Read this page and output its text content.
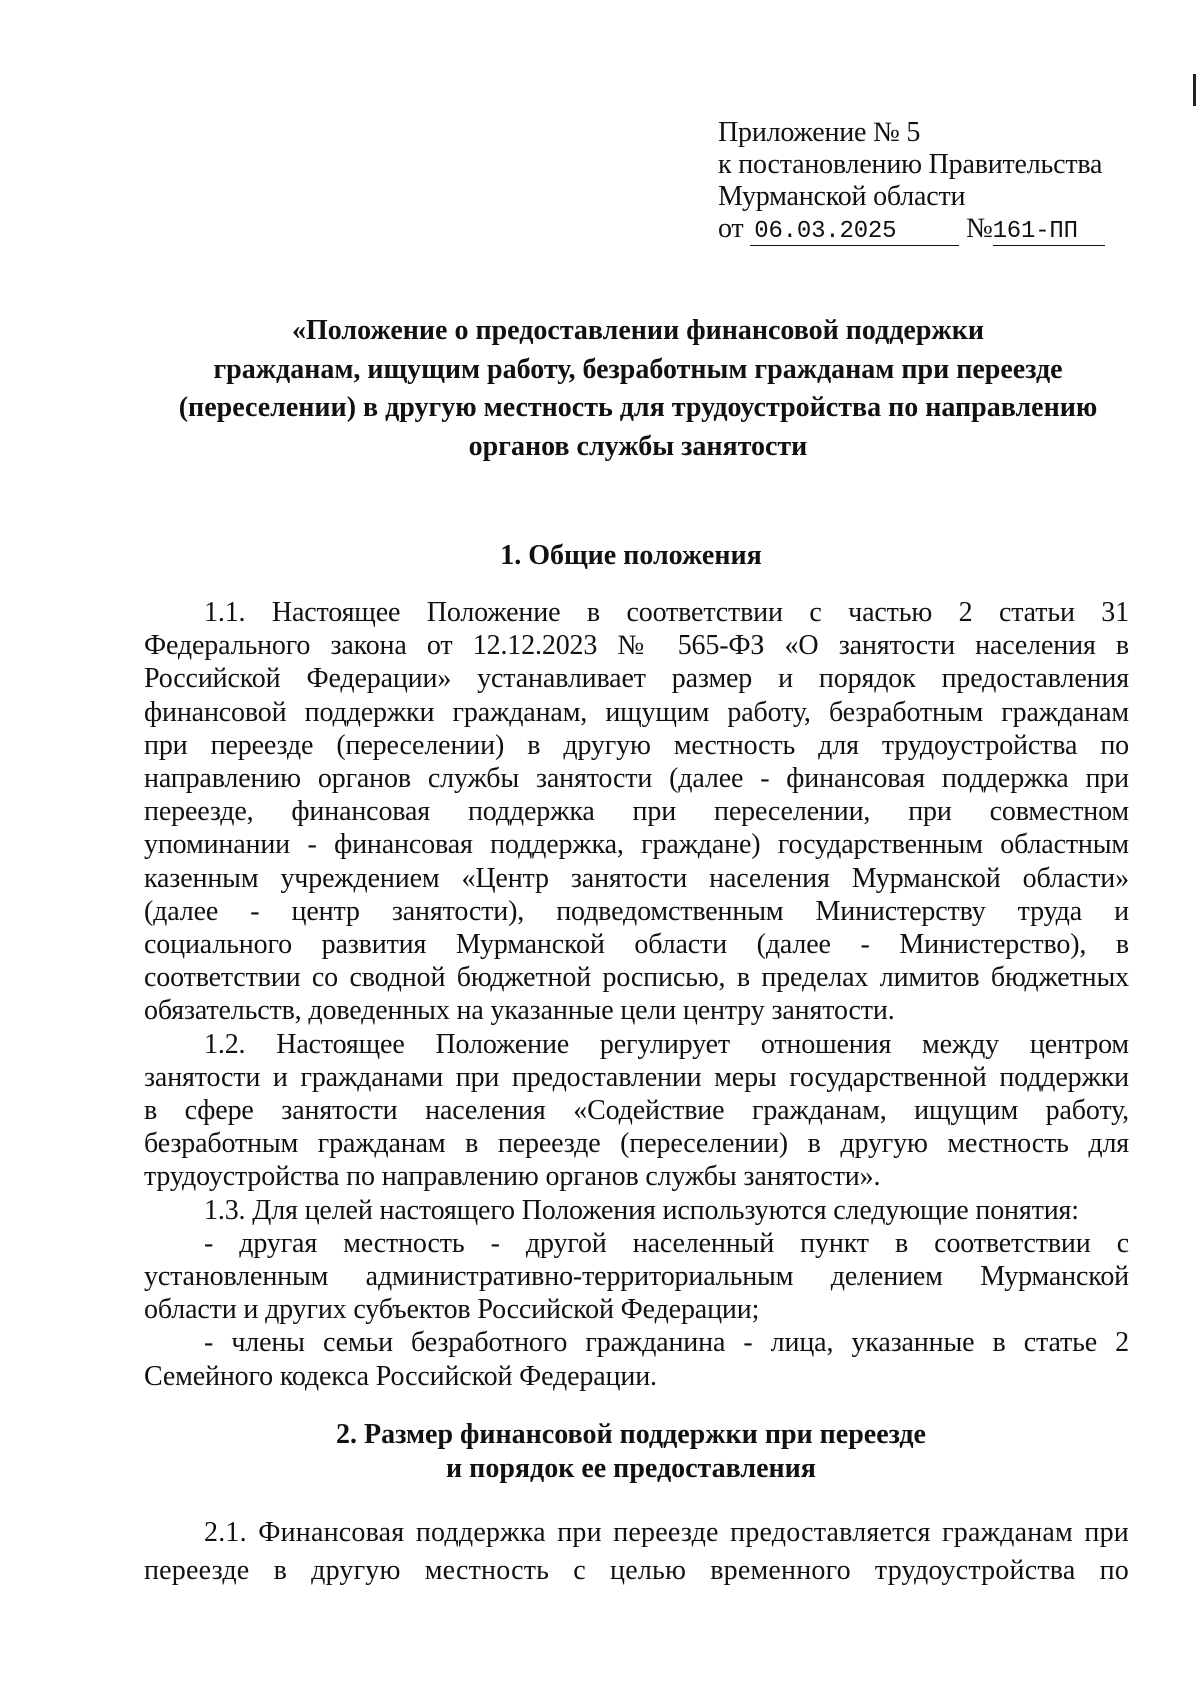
Приложение № 5
к постановлению Правительства
Мурманской области
от 06.03.2025 №161-ПП
«Положение о предоставлении финансовой поддержки
гражданам, ищущим работу, безработным гражданам при переезде
(переселении) в другую местность для трудоустройства по направлению
органов службы занятости
1. Общие положения
1.1. Настоящее Положение в соответствии с частью 2 статьи 31
Федерального закона от 12.12.2023 № 565-ФЗ «О занятости населения в
Российской Федерации» устанавливает размер и порядок предоставления
финансовой поддержки гражданам, ищущим работу, безработным гражданам
при переезде (переселении) в другую местность для трудоустройства по
направлению органов службы занятости (далее - финансовая поддержка при
переезде, финансовая поддержка при переселении, при совместном
упоминании - финансовая поддержка, граждане) государственным областным
казенным учреждением «Центр занятости населения Мурманской области»
(далее - центр занятости), подведомственным Министерству труда и
социального развития Мурманской области (далее - Министерство), в
соответствии со сводной бюджетной росписью, в пределах лимитов бюджетных
обязательств, доведенных на указанные цели центру занятости.
1.2. Настоящее Положение регулирует отношения между центром
занятости и гражданами при предоставлении меры государственной поддержки
в сфере занятости населения «Содействие гражданам, ищущим работу,
безработным гражданам в переезде (переселении) в другую местность для
трудоустройства по направлению органов службы занятости».
1.3. Для целей настоящего Положения используются следующие понятия:
- другая местность - другой населенный пункт в соответствии с
установленным административно-территориальным делением Мурманской
области и других субъектов Российской Федерации;
- члены семьи безработного гражданина - лица, указанные в статье 2
Семейного кодекса Российской Федерации.
2. Размер финансовой поддержки при переезде
и порядок ее предоставления
2.1. Финансовая поддержка при переезде предоставляется гражданам при
переезде в другую местность с целью временного трудоустройства по
